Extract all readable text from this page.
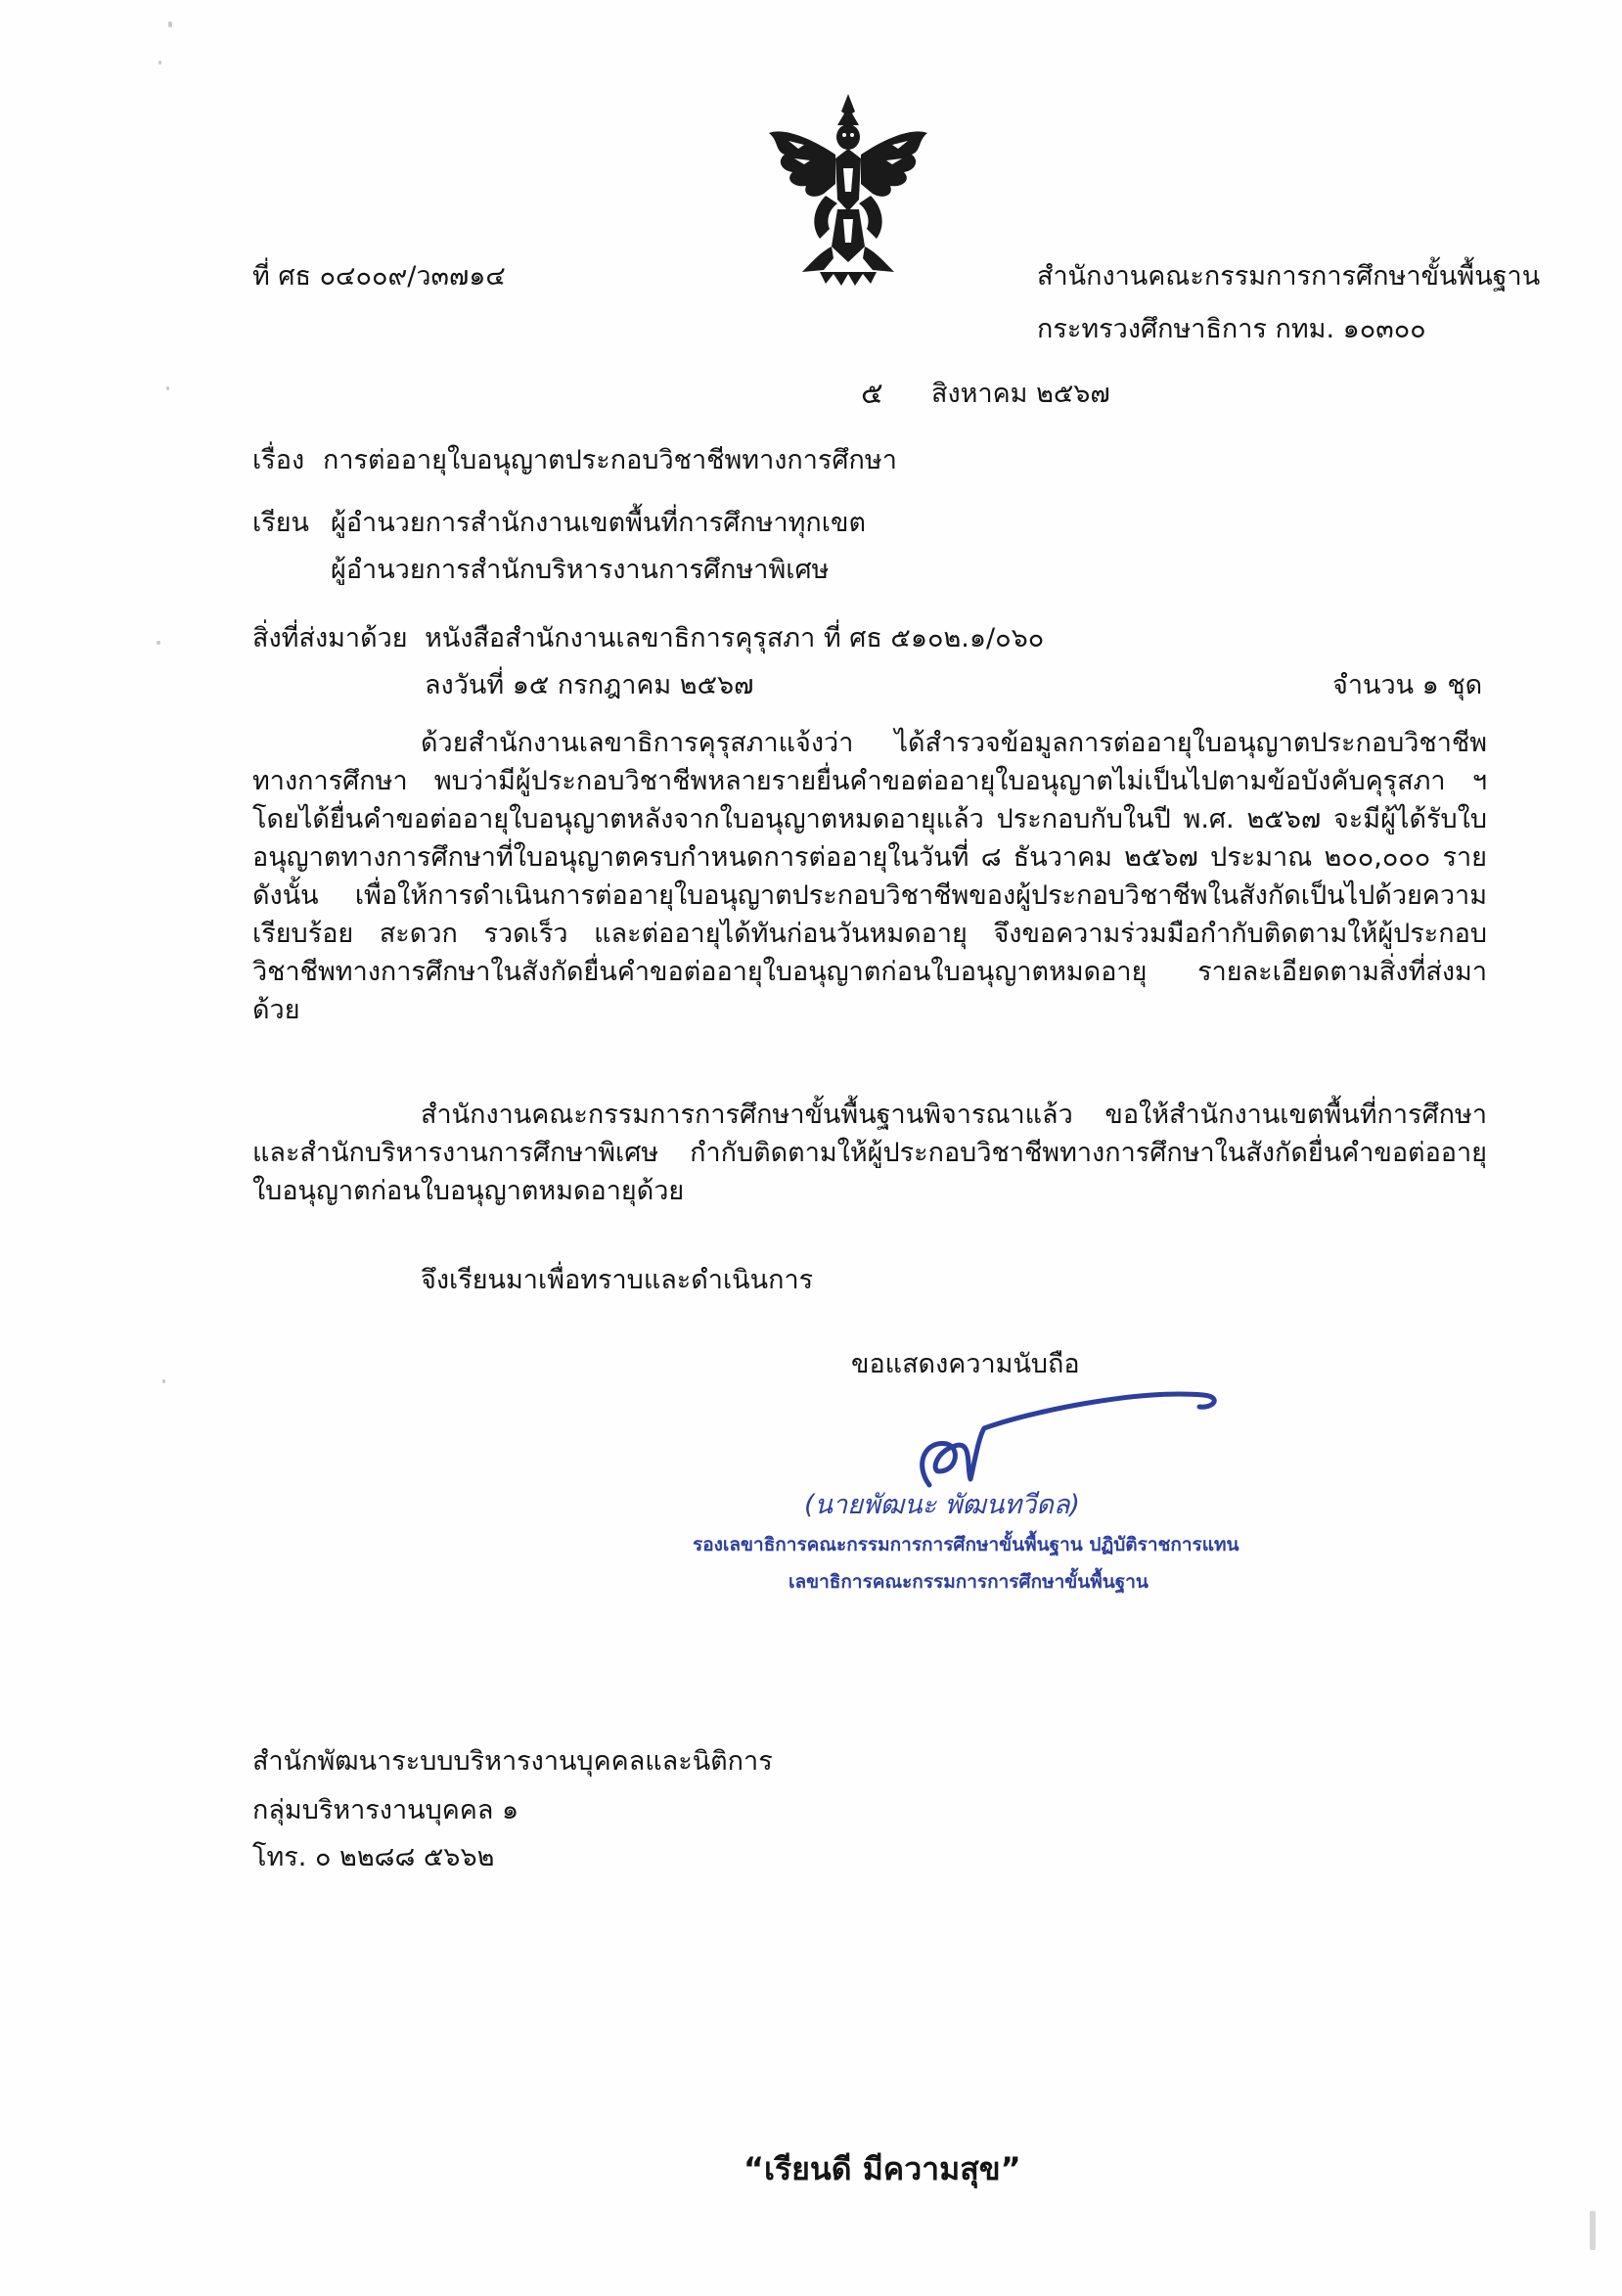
ที่ ศธ ๐๔๐๐๙/ว๓๗๑๔	สำนักงานคณะกรรมการการศึกษาขั้นพื้นฐาน
กระทรวงศึกษาธิการ กทม. ๑๐๓๐๐
๕ สิงหาคม ๒๕๖๗
เรื่อง การต่ออายุใบอนุญาตประกอบวิชาชีพทางการศึกษา
เรียน ผู้อำนวยการสำนักงานเขตพื้นที่การศึกษาทุกเขต
ผู้อำนวยการสำนักบริหารงานการศึกษาพิเศษ
สิ่งที่ส่งมาด้วย หนังสือสำนักงานเลขาธิการคุรุสภา ที่ ศธ ๕๑๐๒.๑/๐๖๐
ลงวันที่ ๑๕ กรกฎาคม ๒๕๖๗	จำนวน ๑ ชุด
ด้วยสำนักงานเลขาธิการคุรุสภาแจ้งว่า ได้สำรวจข้อมูลการต่ออายุใบอนุญาตประกอบวิชาชีพทางการศึกษา พบว่ามีผู้ประกอบวิชาชีพหลายรายยื่นคำขอต่ออายุใบอนุญาตไม่เป็นไปตามข้อบังคับคุรุสภา ฯ โดยได้ยื่นคำขอต่ออายุใบอนุญาตหลังจากใบอนุญาตหมดอายุแล้ว ประกอบกับในปี พ.ศ. ๒๕๖๗ จะมีผู้ได้รับใบอนุญาตทางการศึกษาที่ใบอนุญาตครบกำหนดการต่ออายุในวันที่ ๘ ธันวาคม ๒๕๖๗ ประมาณ ๒๐๐,๐๐๐ ราย ดังนั้น เพื่อให้การดำเนินการต่ออายุใบอนุญาตประกอบวิชาชีพของผู้ประกอบวิชาชีพในสังกัดเป็นไปด้วยความเรียบร้อย สะดวก รวดเร็ว และต่ออายุได้ทันก่อนวันหมดอายุ จึงขอความร่วมมือกำกับติดตามให้ผู้ประกอบวิชาชีพทางการศึกษาในสังกัดยื่นคำขอต่ออายุใบอนุญาตก่อนใบอนุญาตหมดอายุ รายละเอียดตามสิ่งที่ส่งมาด้วย
สำนักงานคณะกรรมการการศึกษาขั้นพื้นฐานพิจารณาแล้ว ขอให้สำนักงานเขตพื้นที่การศึกษาและสำนักบริหารงานการศึกษาพิเศษ กำกับติดตามให้ผู้ประกอบวิชาชีพทางการศึกษาในสังกัดยื่นคำขอต่ออายุใบอนุญาตก่อนใบอนุญาตหมดอายุด้วย
จึงเรียนมาเพื่อทราบและดำเนินการ
ขอแสดงความนับถือ
(นายพัฒนะ พัฒนทวีดล)
รองเลขาธิการคณะกรรมการการศึกษาขั้นพื้นฐาน ปฏิบัติราชการแทน
เลขาธิการคณะกรรมการการศึกษาขั้นพื้นฐาน
สำนักพัฒนาระบบบริหารงานบุคคลและนิติการ
กลุ่มบริหารงานบุคคล ๑
โทร. ๐ ๒๒๘๘ ๕๖๖๒
“เรียนดี มีความสุข”
